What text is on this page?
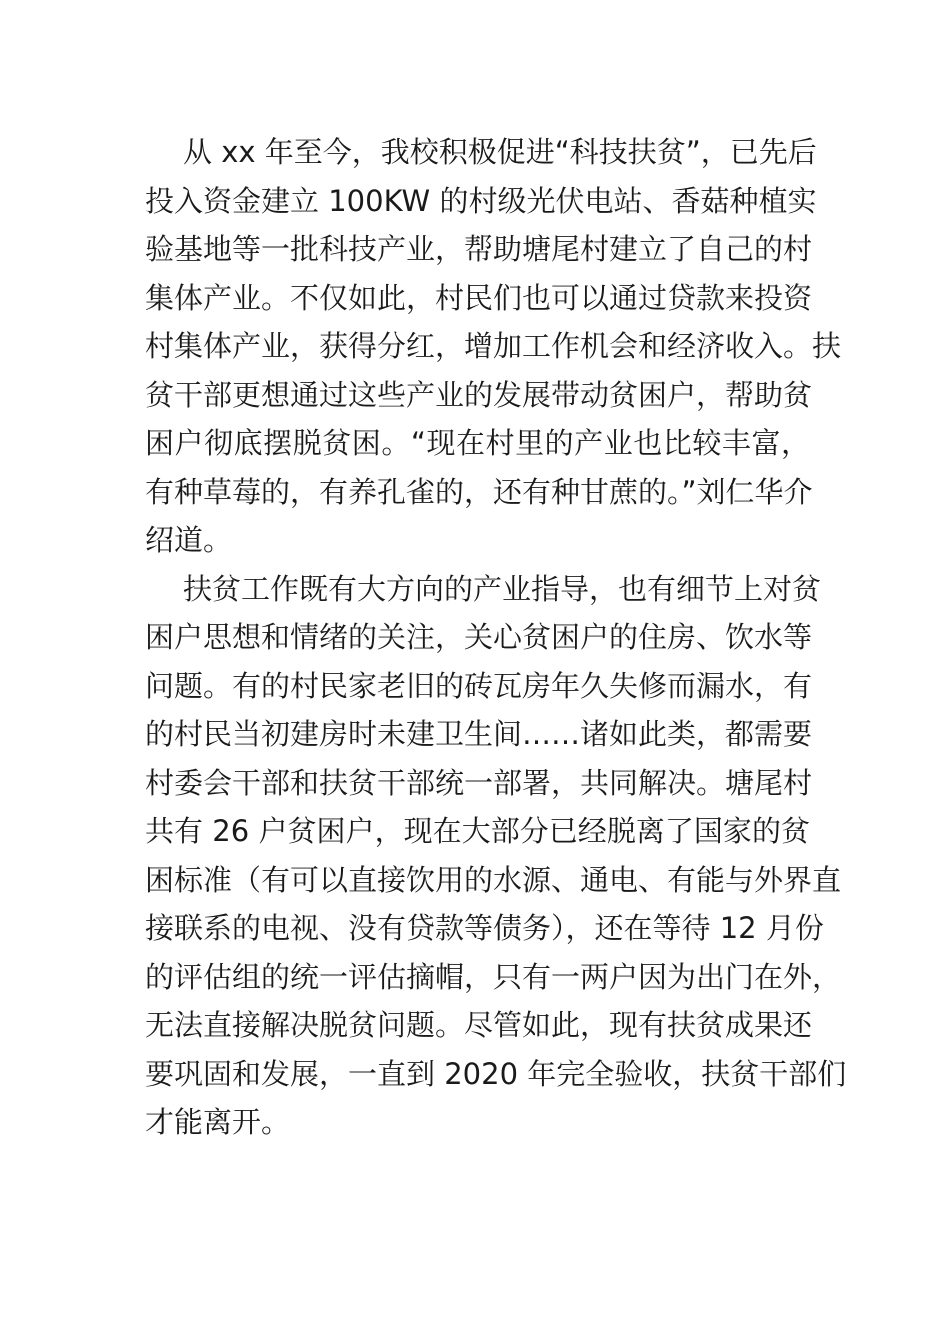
从 xx 年至今，我校积极促进“科技扶贫”，已先后
投入资金建立 100KW 的村级光伏电站、香菇种植实
验基地等一批科技产业，帮助塘尾村建立了自己的村
集体产业。不仅如此，村民们也可以通过贷款来投资
村集体产业，获得分红，增加工作机会和经济收入。扶
贫干部更想通过这些产业的发展带动贫困户，帮助贫
困户彻底摆脱贫困。“现在村里的产业也比较丰富，
有种草莓的，有养孔雀的，还有种甘蔗的。”刘仁华介
绍道。
扶贫工作既有大方向的产业指导，也有细节上对贫
困户思想和情绪的关注，关心贫困户的住房、饮水等
问题。有的村民家老旧的砖瓦房年久失修而漏水，有
的村民当初建房时未建卫生间……诸如此类，都需要
村委会干部和扶贫干部统一部署，共同解决。塘尾村
共有 26 户贫困户，现在大部分已经脱离了国家的贫
困标准（有可以直接饮用的水源、通电、有能与外界直
接联系的电视、没有贷款等债务），还在等待 12 月份
的评估组的统一评估摘帽，只有一两户因为出门在外，
无法直接解决脱贫问题。尽管如此，现有扶贫成果还
要巩固和发展，一直到 2020 年完全验收，扶贫干部们
才能离开。
